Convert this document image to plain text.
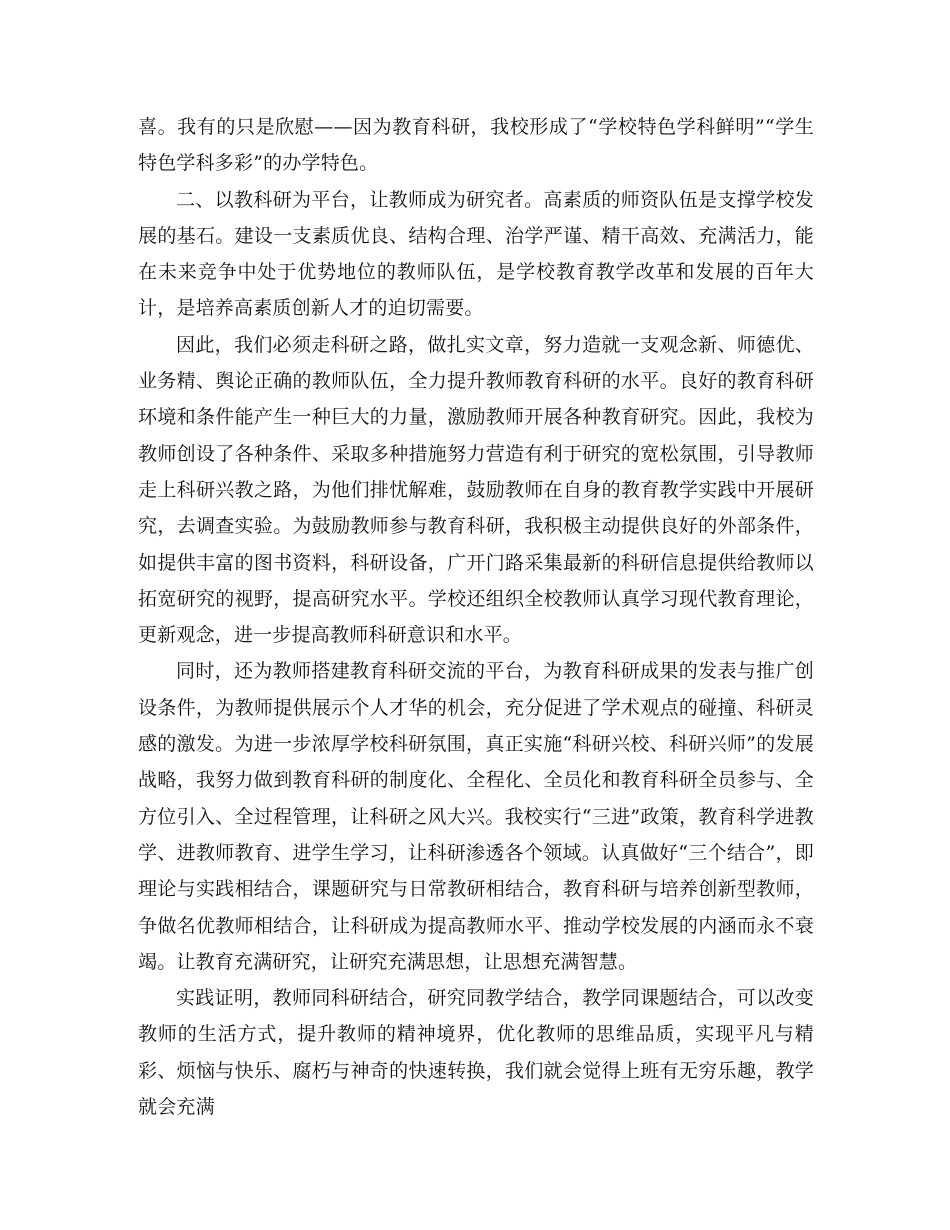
喜。我有的只是欣慰——因为教育科研，我校形成了“学校特色学科鲜明”“学生特色学科多彩”的办学特色。

二、以教科研为平台，让教师成为研究者。高素质的师资队伍是支撑学校发展的基石。建设一支素质优良、结构合理、治学严谨、精干高效、充满活力，能在未来竞争中处于优势地位的教师队伍，是学校教育教学改革和发展的百年大计，是培养高素质创新人才的迫切需要。

因此，我们必须走科研之路，做扎实文章，努力造就一支观念新、师德优、业务精、舆论正确的教师队伍，全力提升教师教育科研的水平。良好的教育科研环境和条件能产生一种巨大的力量，激励教师开展各种教育研究。因此，我校为教师创设了各种条件、采取多种措施努力营造有利于研究的宽松氛围，引导教师走上科研兴教之路，为他们排忧解难，鼓励教师在自身的教育教学实践中开展研究，去调查实验。为鼓励教师参与教育科研，我积极主动提供良好的外部条件，如提供丰富的图书资料，科研设备，广开门路采集最新的科研信息提供给教师以拓宽研究的视野，提高研究水平。学校还组织全校教师认真学习现代教育理论，更新观念，进一步提高教师科研意识和水平。

同时，还为教师搭建教育科研交流的平台，为教育科研成果的发表与推广创设条件，为教师提供展示个人才华的机会，充分促进了学术观点的碰撞、科研灵感的激发。为进一步浓厚学校科研氛围，真正实施“科研兴校、科研兴师”的发展战略，我努力做到教育科研的制度化、全程化、全员化和教育科研全员参与、全方位引入、全过程管理，让科研之风大兴。我校实行“三进”政策，教育科学进教学、进教师教育、进学生学习，让科研渗透各个领域。认真做好“三个结合”，即理论与实践相结合，课题研究与日常教研相结合，教育科研与培养创新型教师，争做名优教师相结合，让科研成为提高教师水平、推动学校发展的内涵而永不衰竭。让教育充满研究，让研究充满思想，让思想充满智慧。

实践证明，教师同科研结合，研究同教学结合，教学同课题结合，可以改变教师的生活方式，提升教师的精神境界，优化教师的思维品质，实现平凡与精彩、烦恼与快乐、腐朽与神奇的快速转换，我们就会觉得上班有无穷乐趣，教学就会充满
